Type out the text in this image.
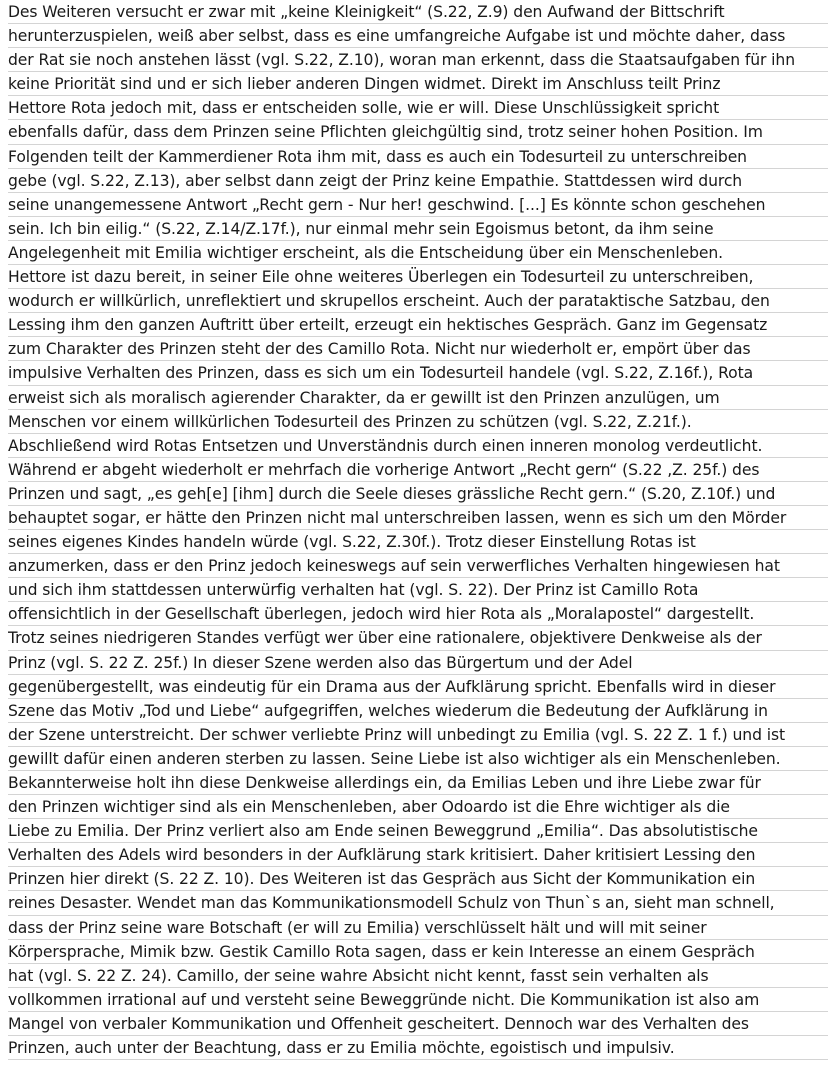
Des Weiteren versucht er zwar mit „keine Kleinigkeit“ (S.22, Z.9) den Aufwand der Bittschrift
herunterzuspielen, weiß aber selbst, dass es eine umfangreiche Aufgabe ist und möchte daher, dass
der Rat sie noch anstehen lässt (vgl. S.22, Z.10), woran man erkennt, dass die Staatsaufgaben für ihn
keine Priorität sind und er sich lieber anderen Dingen widmet. Direkt im Anschluss teilt Prinz
Hettore Rota jedoch mit, dass er entscheiden solle, wie er will. Diese Unschlüssigkeit spricht
ebenfalls dafür, dass dem Prinzen seine Pflichten gleichgültig sind, trotz seiner hohen Position. Im
Folgenden teilt der Kammerdiener Rota ihm mit, dass es auch ein Todesurteil zu unterschreiben
gebe (vgl. S.22, Z.13), aber selbst dann zeigt der Prinz keine Empathie. Stattdessen wird durch
seine unangemessene Antwort „Recht gern - Nur her! geschwind. [...] Es könnte schon geschehen
sein. Ich bin eilig.“ (S.22, Z.14/Z.17f.), nur einmal mehr sein Egoismus betont, da ihm seine
Angelegenheit mit Emilia wichtiger erscheint, als die Entscheidung über ein Menschenleben.
Hettore ist dazu bereit, in seiner Eile ohne weiteres Überlegen ein Todesurteil zu unterschreiben,
wodurch er willkürlich, unreflektiert und skrupellos erscheint. Auch der parataktische Satzbau, den
Lessing ihm den ganzen Auftritt über erteilt, erzeugt ein hektisches Gespräch. Ganz im Gegensatz
zum Charakter des Prinzen steht der des Camillo Rota. Nicht nur wiederholt er, empört über das
impulsive Verhalten des Prinzen, dass es sich um ein Todesurteil handele (vgl. S.22, Z.16f.), Rota
erweist sich als moralisch agierender Charakter, da er gewillt ist den Prinzen anzulügen, um
Menschen vor einem willkürlichen Todesurteil des Prinzen zu schützen (vgl. S.22, Z.21f.).
Abschließend wird Rotas Entsetzen und Unverständnis durch einen inneren monolog verdeutlicht.
Während er abgeht wiederholt er mehrfach die vorherige Antwort „Recht gern“ (S.22 ,Z. 25f.) des
Prinzen und sagt, „es geh[e] [ihm] durch die Seele dieses grässliche Recht gern.“ (S.20, Z.10f.) und
behauptet sogar, er hätte den Prinzen nicht mal unterschreiben lassen, wenn es sich um den Mörder
seines eigenes Kindes handeln würde (vgl. S.22, Z.30f.). Trotz dieser Einstellung Rotas ist
anzumerken, dass er den Prinz jedoch keineswegs auf sein verwerfliches Verhalten hingewiesen hat
und sich ihm stattdessen unterwürfig verhalten hat (vgl. S. 22). Der Prinz ist Camillo Rota
offensichtlich in der Gesellschaft überlegen, jedoch wird hier Rota als „Moralapostel“ dargestellt.
Trotz seines niedrigeren Standes verfügt wer über eine rationalere, objektivere Denkweise als der
Prinz (vgl. S. 22 Z. 25f.) In dieser Szene werden also das Bürgertum und der Adel
gegenübergestellt, was eindeutig für ein Drama aus der Aufklärung spricht. Ebenfalls wird in dieser
Szene das Motiv „Tod und Liebe“ aufgegriffen, welches wiederum die Bedeutung der Aufklärung in
der Szene unterstreicht. Der schwer verliebte Prinz will unbedingt zu Emilia (vgl. S. 22 Z. 1 f.) und ist
gewillt dafür einen anderen sterben zu lassen. Seine Liebe ist also wichtiger als ein Menschenleben.
Bekannterweise holt ihn diese Denkweise allerdings ein, da Emilias Leben und ihre Liebe zwar für
den Prinzen wichtiger sind als ein Menschenleben, aber Odoardo ist die Ehre wichtiger als die
Liebe zu Emilia. Der Prinz verliert also am Ende seinen Beweggrund „Emilia“. Das absolutistische
Verhalten des Adels wird besonders in der Aufklärung stark kritisiert. Daher kritisiert Lessing den
Prinzen hier direkt (S. 22 Z. 10). Des Weiteren ist das Gespräch aus Sicht der Kommunikation ein
reines Desaster. Wendet man das Kommunikationsmodell Schulz von Thun`s an, sieht man schnell,
dass der Prinz seine ware Botschaft (er will zu Emilia) verschlüsselt hält und will mit seiner
Körpersprache, Mimik bzw. Gestik Camillo Rota sagen, dass er kein Interesse an einem Gespräch
hat (vgl. S. 22 Z. 24). Camillo, der seine wahre Absicht nicht kennt, fasst sein verhalten als
vollkommen irrational auf und versteht seine Beweggründe nicht. Die Kommunikation ist also am
Mangel von verbaler Kommunikation und Offenheit gescheitert. Dennoch war des Verhalten des
Prinzen, auch unter der Beachtung, dass er zu Emilia möchte, egoistisch und impulsiv.
